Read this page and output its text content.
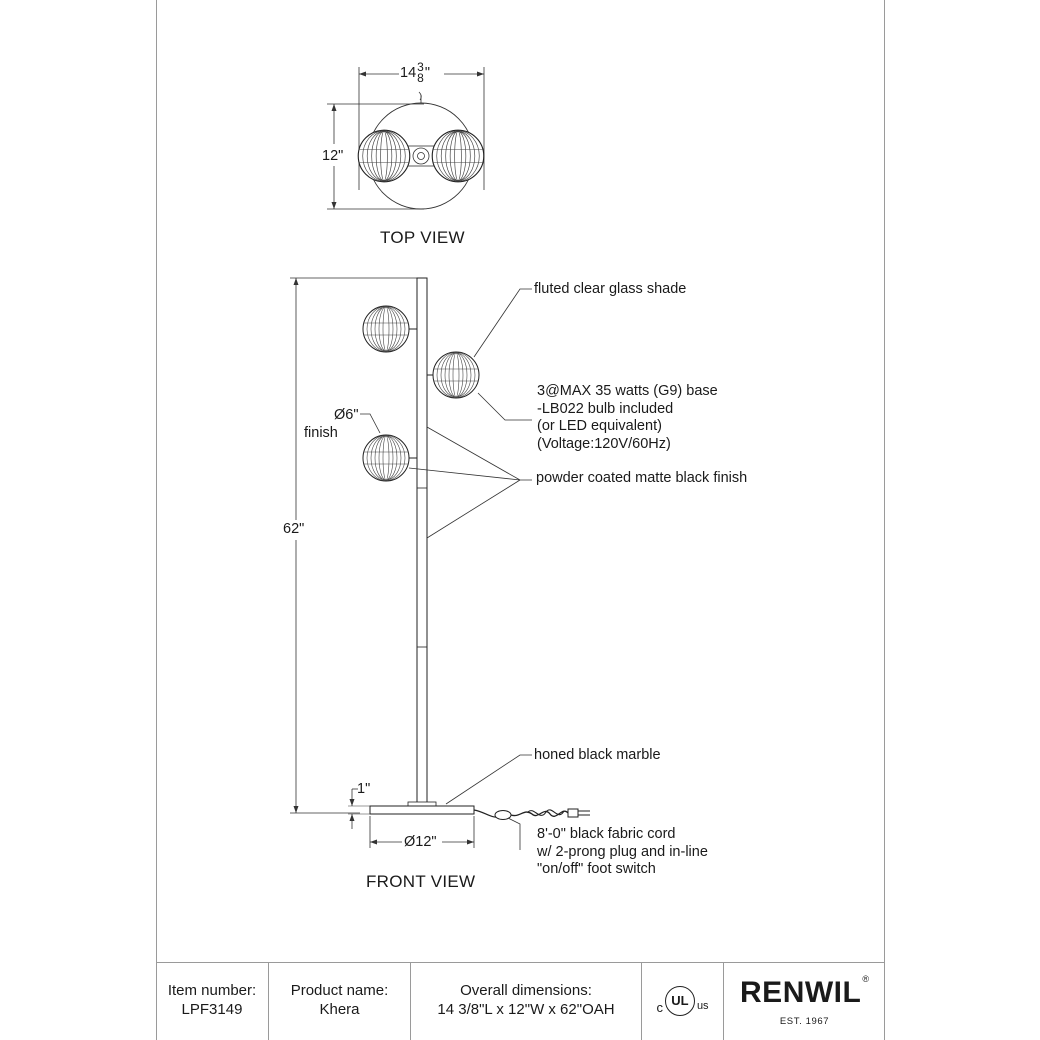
14 3
8 "
12"
TOP VIEW
fluted clear glass shade
3@MAX 35 watts (G9) base
-LB022 bulb included
(or LED equivalent)
(Voltage:120V/60Hz)
Ø6"
finish
powder coated matte black finish
62"
honed black marble
1"
8'-0" black fabric cord
w/ 2-prong plug and in-line
"on/off" foot switch
Ø12"
FRONT VIEW
Item number:
LPF3149
Product name:
Khera
Overall dimensions:
14 3/8"L x 12"W x 62"OAH	c UL us RENWIL®
EST. 1967
